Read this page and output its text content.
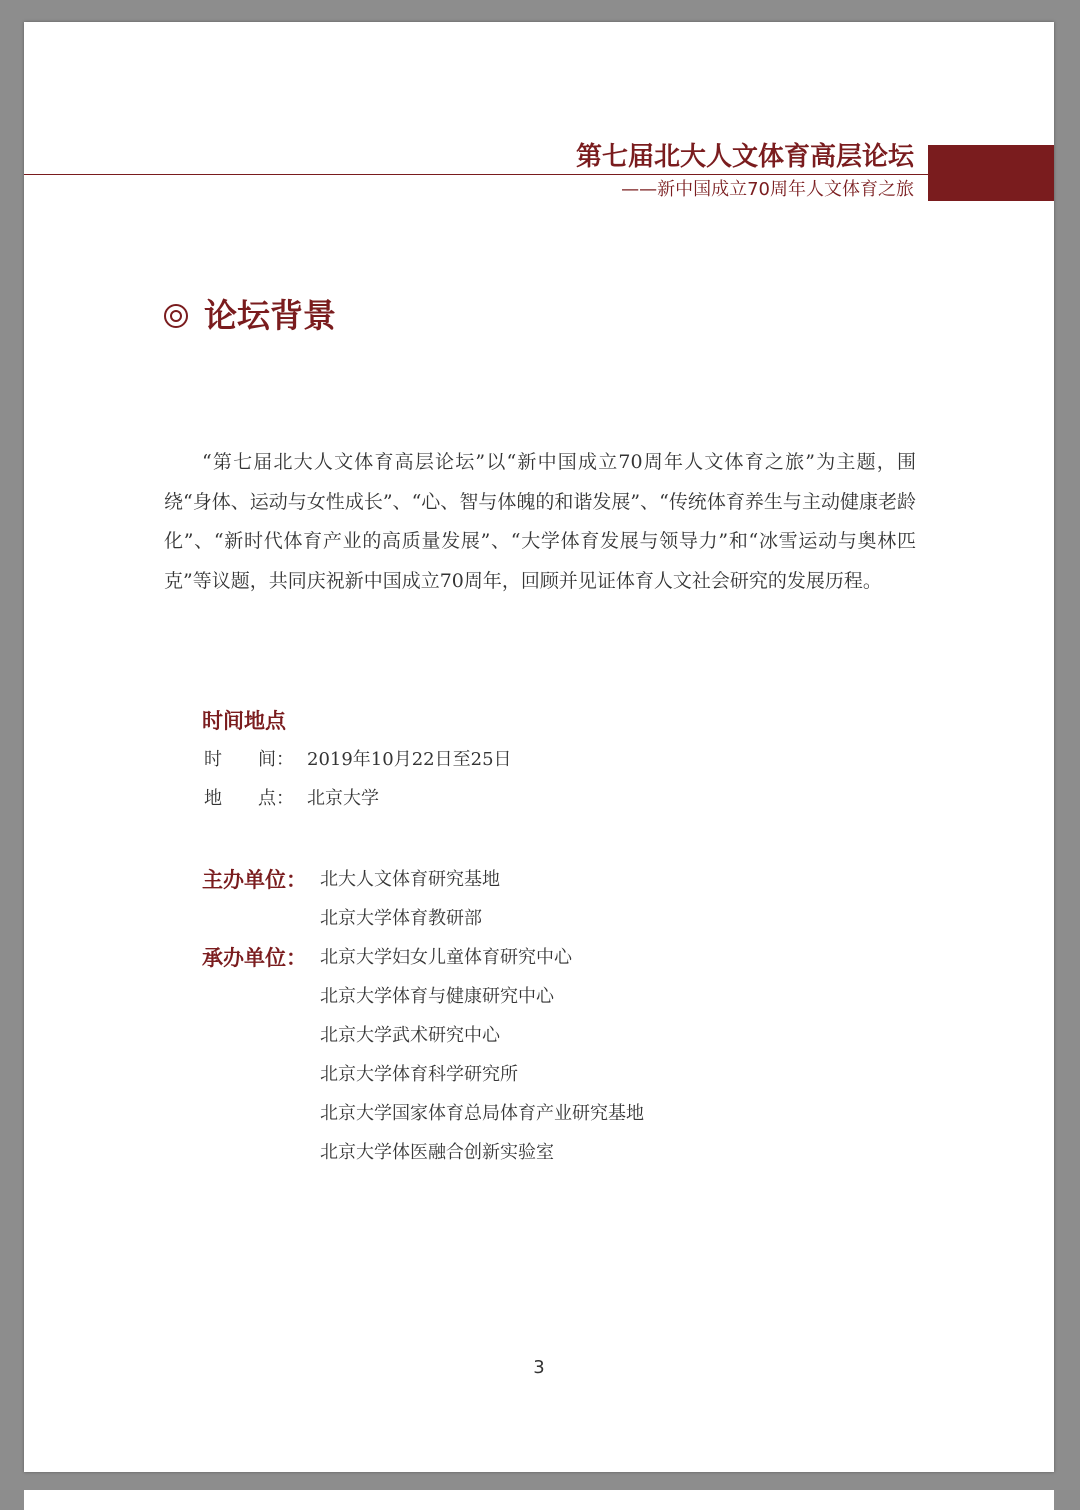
第七届北大人文体育高层论坛
——新中国成立70周年人文体育之旅
论坛背景

“第七届北大人文体育高层论坛”以“新中国成立70周年人文体育之旅”为主题，围绕“身体、运动与女性成长”、“心、智与体魄的和谐发展”、“传统体育养生与主动健康老龄化”、“新时代体育产业的高质量发展”、“大学体育发展与领导力”和“冰雪运动与奥林匹克”等议题，共同庆祝新中国成立70周年，回顾并见证体育人文社会研究的发展历程。

时间地点
时　　间： 2019年10月22日至25日
地　　点： 北京大学
主办单位： 北大人文体育研究基地
北京大学体育教研部
承办单位： 北京大学妇女儿童体育研究中心
北京大学体育与健康研究中心
北京大学武术研究中心
北京大学体育科学研究所
北京大学国家体育总局体育产业研究基地
北京大学体医融合创新实验室
3
